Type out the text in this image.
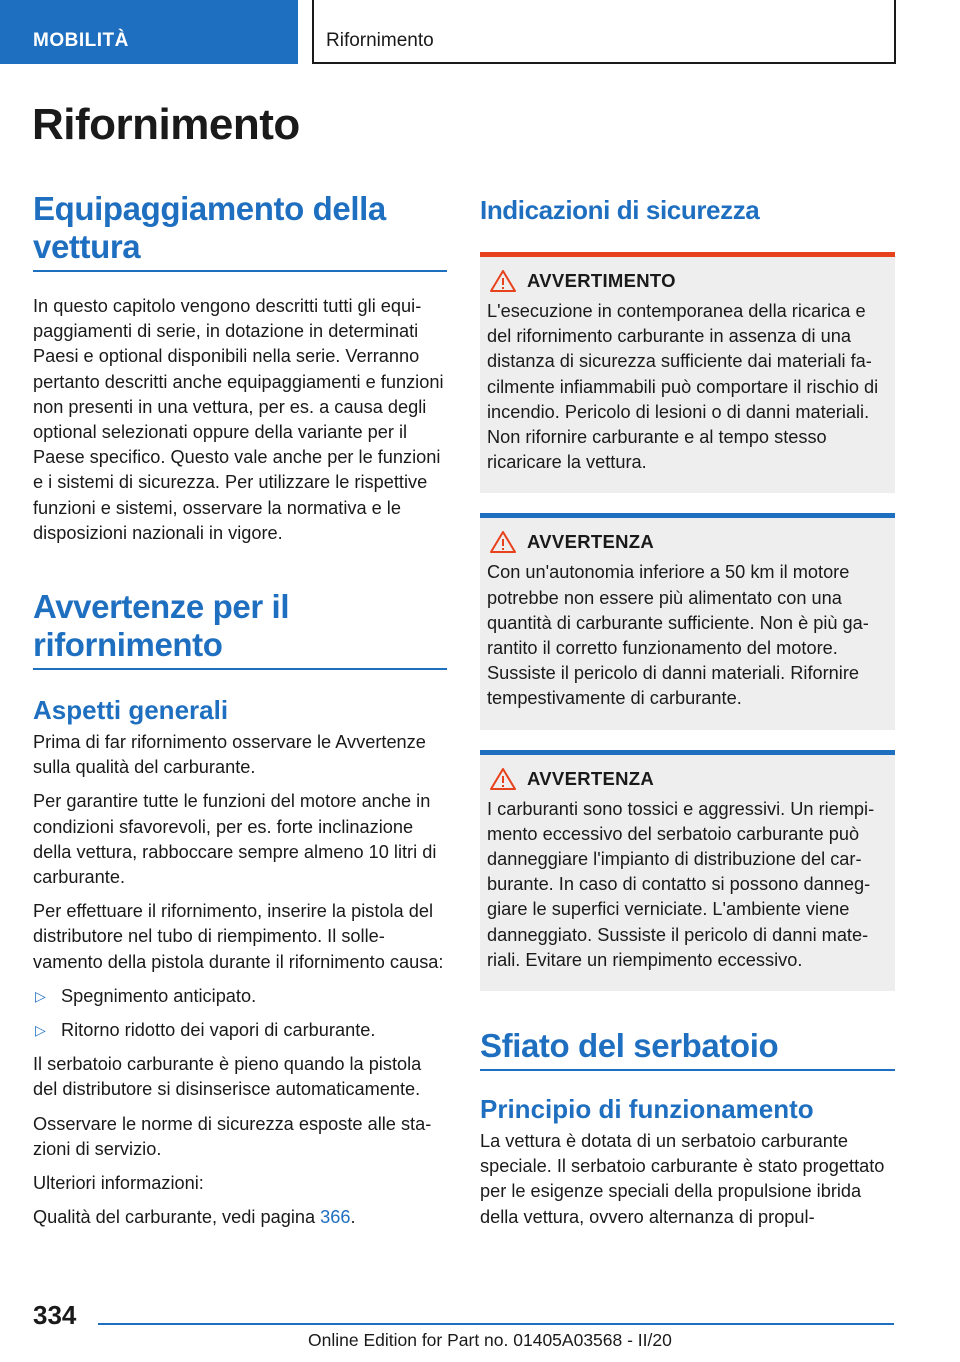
MOBILITÀ	Rifornimento
Rifornimento
Equipaggiamento della vettura

In questo capitolo vengono descritti tutti gli equipaggiamenti di serie, in dotazione in determinati Paesi e optional disponibili nella serie. Verranno pertanto descritti anche equipaggiamenti e funzioni non presenti in una vettura, per es. a causa degli optional selezionati oppure della variante per il Paese specifico. Questo vale anche per le funzioni e i sistemi di sicurezza. Per utilizzare le rispettive funzioni e sistemi, osservare la normativa e le disposizioni nazionali in vigore.

Avvertenze per il rifornimento
Aspetti generali

Prima di far rifornimento osservare le Avvertenze sulla qualità del carburante.

Per garantire tutte le funzioni del motore anche in condizioni sfavorevoli, per es. forte inclinazione della vettura, rabboccare sempre almeno 10 litri di carburante.

Per effettuare il rifornimento, inserire la pistola del distributore nel tubo di riempimento. Il sollevamento della pistola durante il rifornimento causa:

▷ Spegnimento anticipato.
▷ Ritorno ridotto dei vapori di carburante.

Il serbatoio carburante è pieno quando la pistola del distributore si disinserisce automaticamente.

Osservare le norme di sicurezza esposte alle stazioni di servizio.

Ulteriori informazioni:

Qualità del carburante, vedi pagina 366.

Indicazioni di sicurezza
AVVERTIMENTO

L'esecuzione in contemporanea della ricarica e del rifornimento carburante in assenza di una distanza di sicurezza sufficiente dai materiali facilmente infiammabili può comportare il rischio di incendio. Pericolo di lesioni o di danni materiali. Non rifornire carburante e al tempo stesso ricaricare la vettura.

AVVERTENZA

Con un'autonomia inferiore a 50 km il motore potrebbe non essere più alimentato con una quantità di carburante sufficiente. Non è più garantito il corretto funzionamento del motore. Sussiste il pericolo di danni materiali. Rifornire tempestivamente di carburante.

AVVERTENZA

I carburanti sono tossici e aggressivi. Un riempimento eccessivo del serbatoio carburante può danneggiare l'impianto di distribuzione del carburante. In caso di contatto si possono danneggiare le superfici verniciate. L'ambiente viene danneggiato. Sussiste il pericolo di danni materiali. Evitare un riempimento eccessivo.

Sfiato del serbatoio
Principio di funzionamento

La vettura è dotata di un serbatoio carburante speciale. Il serbatoio carburante è stato progettato per le esigenze speciali della propulsione ibrida della vettura, ovvero alternanza di propul-

334
Online Edition for Part no. 01405A03568 - II/20
